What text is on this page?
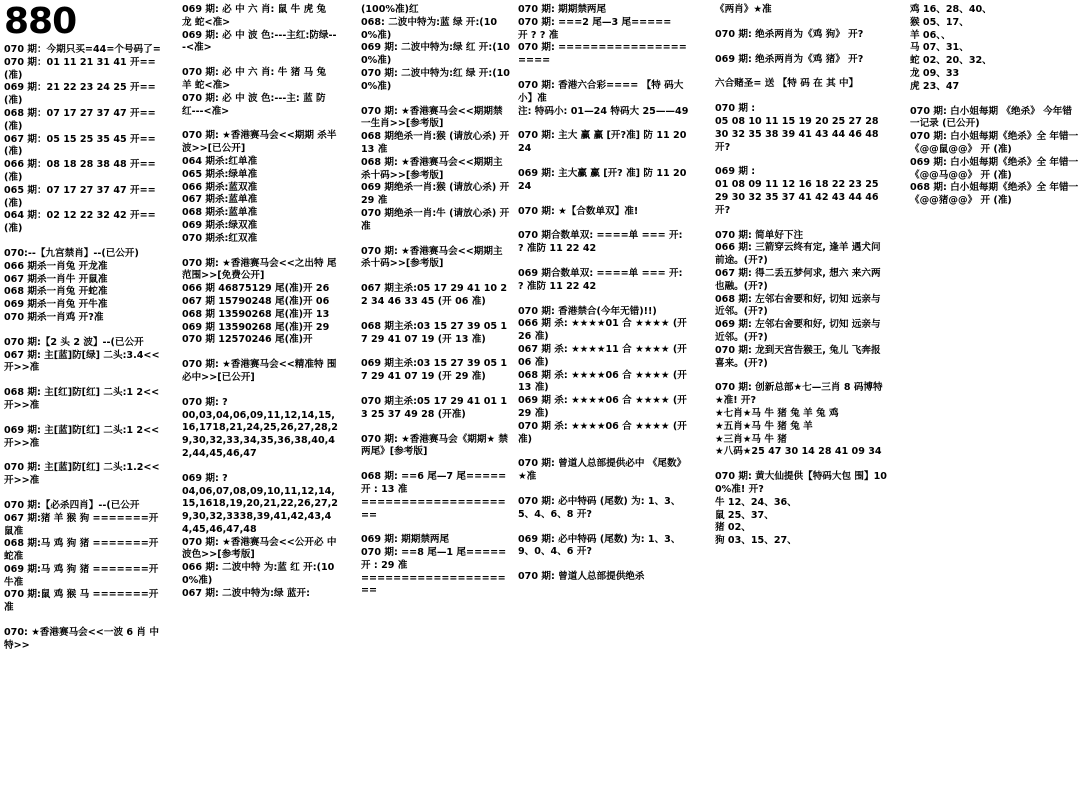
880
070 期：今期只买=44=个号码了=
070 期：01 11 21 31 41 开==(准)
069 期：21 22 23 24 25 开==(准)
068 期：07 17 27 37 47 开==(准)
067 期：05 15 25 35 45 开==(准)
066 期：08 18 28 38 48 开==(准)
065 期：07 17 27 37 47 开==(准)
064 期：02 12 22 32 42 开==(准)
070:--【九宫禁肖】--(已公开)
066 期杀一肖兔 开龙准
067 期杀一肖牛 开鼠准
068 期杀一肖兔 开蛇准
069 期杀一肖兔 开牛准
070 期杀一肖鸡 开?准
070 期:【2 头 2 波】--(已公开
067 期: 主[蓝]防[绿] 二头:3.4<<开>>准
068 期: 主[红]防[红] 二头:1 2<<开>>准
069 期: 主[蓝]防[红] 二头:1 2<<开>>准
070 期: 主[蓝]防[红] 二头:1.2<<开>>准
070 期:【必杀四肖】--(已公开
067 期:猪 羊 猴 狗 =======开 鼠准
068 期:马 鸡 狗 猪 =======开 蛇准
069 期:马 鸡 狗 猪 =======开 牛准
070 期:鼠 鸡 猴 马 =======开 准
070: ★香港赛马会<<一波 6 肖 中特>>
069 期: 必 中 六 肖: 鼠 牛 虎 兔 龙 蛇<准>
069 期: 必 中 波 色:---主红:防绿---<准>
070 期: 必 中 六 肖: 牛 猪 马 兔 羊 蛇<准>
070 期: 必 中 波 色:---主: 蓝 防红---<准>
070 期: ★香港赛马会<<期期 杀半波>>[已公开]
064 期杀:红单准
065 期杀:绿单准
066 期杀:蓝双准
067 期杀:蓝单准
068 期杀:蓝单准
069 期杀:绿双准
070 期杀:红双准
070 期: ★香港赛马会<<之出特 尾范围>>[免费公开]
066 期 46875129 尾(准)开 26
067 期 15790248 尾(准)开 06
068 期 13590268 尾(准)开 13
069 期 13590268 尾(准)开 29
070 期 12570246 尾(准)开
070 期: ★香港赛马会<<精准特 围必中>>[已公开]
070 期: ?
00,03,04,06,09,11,12,14,15,16,1718,21,24,25,26,27,28,29,30,32,33,34,35,36,38,40,42,44,45,46,47
069 期: ?
04,06,07,08,09,10,11,12,14,15,1618,19,20,21,22,26,27,29,30,32,3338,39,41,42,43,44,45,46,47,48
070 期: ★香港赛马会<<公开必 中波色>>[参考版]
066 期: 二波中特 为:蓝 红 开:(100%准)
067 期: 二波中特为:绿 蓝开:
(100%准)红
068: 二波中特为:蓝 绿 开:(100%准)
069 期: 二波中特为:绿 红 开:(100%准)
070 期: 二波中特为:红 绿 开:(100%准)
070 期: ★香港赛马会<<期期禁 一生肖>>[参考版]
068 期绝杀一肖:猴 (请放心杀) 开 13 准
068 期: ★香港赛马会<<期期主 杀十码>>[参考版]
069 期绝杀一肖:猴 (请放心杀) 开 29 准
070 期绝杀一肖:牛 (请放心杀) 开准
070 期: ★香港赛马会<<期期主 杀十码>>[参考版]
067 期主杀:05 17 29 41 10 22 34 46 33 45 (开 06 准)
068 期主杀:03 15 27 39 05 17 29 41 07 19 (开 13 准)
069 期主杀:03 15 27 39 05 17 29 41 07 19 (开 29 准)
070 期主杀:05 17 29 41 01 13 25 37 49 28 (开准)
070 期: ★香港赛马会《期期★ 禁两尾》[参考版]
068 期: ==6 尾—7 尾===== 开 : 13 准
====================
069 期: 期期禁两尾
070 期: ==8 尾—1 尾===== 开 : 29 准
====================
070 期: 期期禁两尾
070 期: ===2 尾—3 尾=====
开 ? ? 准
070 期: ====================
070 期: 香港六合彩==== 【特 码大小】准
注: 特码小: 01—24 特码大 25——49
070 期: 主大 赢 赢 [开?准] 防 11 20 24
069 期: 主大赢 赢 [开? 准] 防 11 20 24
070 期: ★【合数单双】准!
070 期合数单双: ====单 === 开: ? 准防 11 22 42
069 期合数单双: ====单 === 开: ? 准防 11 22 42
070 期: 香港禁合(今年无错)!!)
066 期 杀: ★★★★01 合 ★★★★ (开 26 准)
067 期 杀: ★★★★11 合 ★★★★ (开 06 准)
068 期 杀: ★★★★06 合 ★★★★ (开 13 准)
069 期 杀: ★★★★06 合 ★★★★ (开 29 准)
070 期 杀: ★★★★06 合 ★★★★ (开 准)
070 期: 曾道人总部提供必中 《尾数》★准
070 期: 必中特码 (尾数) 为: 1、3、5、4、6、8 开?
069 期: 必中特码 (尾数) 为: 1、3、9、0、4、6 开?
070 期: 曾道人总部提供绝杀
《两肖》★准
070 期: 绝杀两肖为《鸡 狗》 开?
069 期: 绝杀两肖为《鸡 猪》 开?
六合赌圣= 送 【特 码 在 其 中】
070 期 :
05 08 10 11 15 19 20 25 27 28 30 32 35 38 39 41 43 44 46 48 开?
069 期 :
01 08 09 11 12 16 18 22 23 25 29 30 32 35 37 41 42 43 44 46 开?
070 期: 简单好下注
066 期: 三箭穿云终有定, 逢羊 遇犬问前途。(开?)
067 期: 得二丢五梦何求, 想六 来六两也融。(开?)
068 期: 左邻右舍要和好, 切知 远亲与近邻。(开?)
069 期: 左邻右舍要和好, 切知 远亲与近邻。(开?)
070 期: 龙到天宫告猴王, 兔儿 飞奔报喜来。(开?)
070 期: 创新总部★七—三肖 8 码博特★准! 开?
★七肖★马 牛 猪 兔 羊 兔 鸡
★五肖★马 牛 猪 兔 羊
★三肖★马 牛 猪
★八码★25 47 30 14 28 41 09 34
070 期: 黄大仙提供【特码大包 围】100%准! 开?
牛 12、24、36、
鼠 25、37、
猪 02、
狗 03、15、27、
鸡 16、28、40、
猴 05、17、
羊 06、、
马 07、31、
蛇 02、20、32、
龙 09、33
虎 23、47
070 期: 白小姐每期 《绝杀》 今年错一记录 (已公开)
070 期: 白小姐每期《绝杀》全 年错一 《@@鼠@@》 开 (准)
069 期: 白小姐每期《绝杀》全 年错一 《@@马@@》 开 (准)
068 期: 白小姐每期《绝杀》全 年错一 《@@猪@@》 开 (准)
